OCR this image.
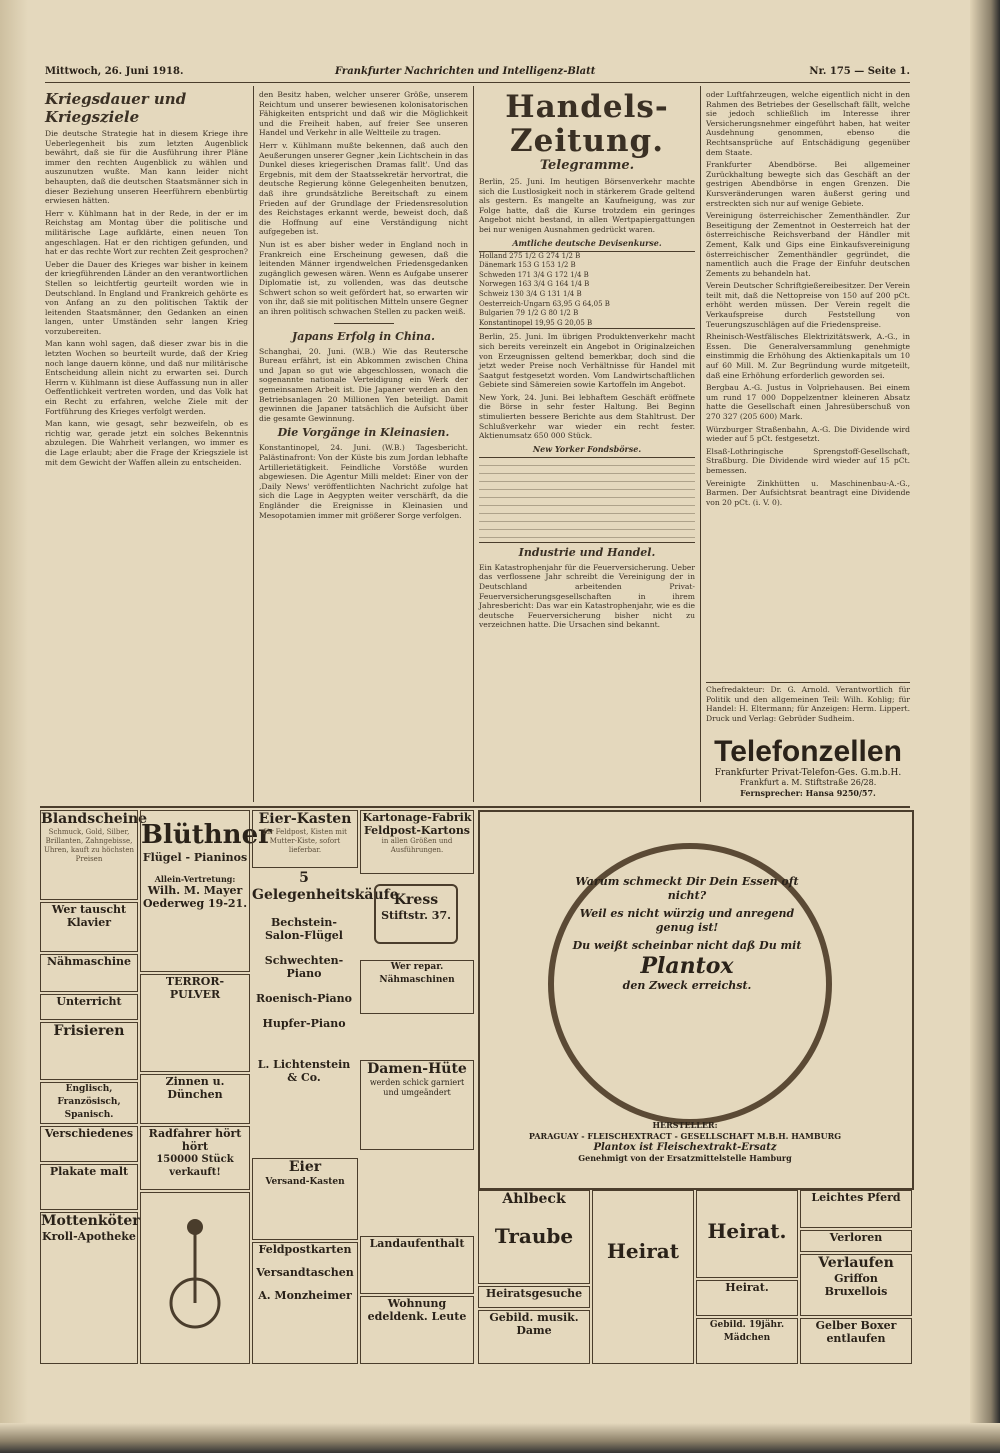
Mittwoch, 26. Juni 1918.	Frankfurter Nachrichten und Intelligenz-Blatt	Nr. 175 — Seite 1.
Kriegsdauer und Kriegsziele

Die deutsche Strategie hat in diesem Kriege ihre Ueberlegenheit bis zum letzten Augenblick bewährt, daß sie für die Ausführung ihrer Pläne immer den rechten Augenblick zu wählen und auszunutzen wußte. Man kann leider nicht behaupten, daß die deutschen Staatsmänner sich in dieser Beziehung unseren Heerführern ebenbürtig erwiesen hätten.

Herr v. Kühlmann hat in der Rede, in der er im Reichstag am Montag über die politische und militärische Lage aufklärte, einen neuen Ton angeschlagen. Hat er den richtigen gefunden, und hat er das rechte Wort zur rechten Zeit gesprochen?

Ueber die Dauer des Krieges war bisher in keinem der kriegführenden Länder an den verantwortlichen Stellen so leichtfertig geurteilt worden wie in Deutschland. In England und Frankreich gehörte es von Anfang an zu den politischen Taktik der leitenden Staatsmänner, den Gedanken an einen langen, unter Umständen sehr langen Krieg vorzubereiten.

Man kann wohl sagen, daß dieser zwar bis in die letzten Wochen so beurteilt wurde, daß der Krieg noch lange dauern könne, und daß nur militärische Entscheidung allein nicht zu erwarten sei. Durch Herrn v. Kühlmann ist diese Auffassung nun in aller Oeffentlichkeit vertreten worden, und das Volk hat ein Recht zu erfahren, welche Ziele mit der Fortführung des Krieges verfolgt werden.

Man kann, wie gesagt, sehr bezweifeln, ob es richtig war, gerade jetzt ein solches Bekenntnis abzulegen. Die Wahrheit verlangen, wo immer es die Lage erlaubt; aber die Frage der Kriegsziele ist mit dem Gewicht der Waffen allein zu entscheiden.

den Besitz haben, welcher unserer Größe, unserem Reichtum und unserer bewiesenen kolonisatorischen Fähigkeiten entspricht und daß wir die Möglichkeit und die Freiheit haben, auf freier See unseren Handel und Verkehr in alle Weltteile zu tragen.

Herr v. Kühlmann mußte bekennen, daß auch den Aeußerungen unserer Gegner ‚kein Lichtschein in das Dunkel dieses kriegerischen Dramas fallt'. Und das Ergebnis, mit dem der Staatssekretär hervortrat, die deutsche Regierung könne Gelegenheiten benutzen, daß ihre grundsätzliche Bereitschaft zu einem Frieden auf der Grundlage der Friedensresolution des Reichstages erkannt werde, beweist doch, daß die Hoffnung auf eine Verständigung nicht aufgegeben ist.

Nun ist es aber bisher weder in England noch in Frankreich eine Erscheinung gewesen, daß die leitenden Männer irgendwelchen Friedensgedanken zugänglich gewesen wären. Wenn es Aufgabe unserer Diplomatie ist, zu vollenden, was das deutsche Schwert schon so weit gefördert hat, so erwarten wir von ihr, daß sie mit politischen Mitteln unsere Gegner an ihren politisch schwachen Stellen zu packen weiß.

Japans Erfolg in China.

Schanghai, 20. Juni. (W.B.) Wie das Reutersche Bureau erfährt, ist ein Abkommen zwischen China und Japan so gut wie abgeschlossen, wonach die sogenannte nationale Verteidigung ein Werk der gemeinsamen Arbeit ist. Die Japaner werden an den Betriebsanlagen 20 Millionen Yen beteiligt. Damit gewinnen die Japaner tatsächlich die Aufsicht über die gesamte Gewinnung.

Die Vorgänge in Kleinasien.

Konstantinopel, 24. Juni. (W.B.) Tagesbericht. Palästinafront: Von der Küste bis zum Jordan lebhafte Artillerietätigkeit. Feindliche Vorstöße wurden abgewiesen. Die Agentur Milli meldet: Einer von der ‚Daily News' veröffentlichten Nachricht zufolge hat sich die Lage in Aegypten weiter verschärft, da die Engländer die Ereignisse in Kleinasien und Mesopotamien immer mit größerer Sorge verfolgen.

Handels-Zeitung.
Telegramme.

Berlin, 25. Juni. Im heutigen Börsenverkehr machte sich die Lustlosigkeit noch in stärkerem Grade geltend als gestern. Es mangelte an Kaufneigung, was zur Folge hatte, daß die Kurse trotzdem ein geringes Angebot nicht bestand, in allen Wertpapiergattungen bei nur wenigen Ausnahmen gedrückt waren.

Amtliche deutsche Devisenkurse.
Holland 275 1/2 G 274 1/2 B
Dänemark 153 G 153 1/2 B
Schweden 171 3/4 G 172 1/4 B
Norwegen 163 3/4 G 164 1/4 B
Schweiz 130 3/4 G 131 1/4 B
Oesterreich-Ungarn 63,95 G 64,05 B
Bulgarien 79 1/2 G 80 1/2 B
Konstantinopel 19,95 G 20,05 B

Berlin, 25. Juni. Im übrigen Produktenverkehr macht sich bereits vereinzelt ein Angebot in Originalzeichen von Erzeugnissen geltend bemerkbar, doch sind die jetzt weder Preise noch Verhältnisse für Handel mit Saatgut festgesetzt worden. Vom Landwirtschaftlichen Gebiete sind Sämereien sowie Kartoffeln im Angebot.

New York, 24. Juni. Bei lebhaftem Geschäft eröffnete die Börse in sehr fester Haltung. Bei Beginn stimulierten bessere Berichte aus dem Stahltrust. Der Schlußverkehr war wieder ein recht fester. Aktienumsatz 650 000 Stück.

New Yorker Fondsbörse.
Industrie und Handel.

Ein Katastrophenjahr für die Feuerversicherung. Ueber das verflossene Jahr schreibt die Vereinigung der in Deutschland arbeitenden Privat-Feuerversicherungsgesellschaften in ihrem Jahresbericht: Das war ein Katastrophenjahr, wie es die deutsche Feuerversicherung bisher nicht zu verzeichnen hatte. Die Ursachen sind bekannt.

oder Luftfahrzeugen, welche eigentlich nicht in den Rahmen des Betriebes der Gesellschaft fällt, welche sie jedoch schließlich im Interesse ihrer Versicherungsnehmer eingeführt haben, hat weiter Ausdehnung genommen, ebenso die Rechtsansprüche auf Entschädigung gegenüber dem Staate.

Frankfurter Abendbörse. Bei allgemeiner Zurückhaltung bewegte sich das Geschäft an der gestrigen Abendbörse in engen Grenzen. Die Kursveränderungen waren äußerst gering und erstreckten sich nur auf wenige Gebiete.

Vereinigung österreichischer Zementhändler. Zur Beseitigung der Zementnot in Oesterreich hat der österreichische Reichsverband der Händler mit Zement, Kalk und Gips eine Einkaufsvereinigung österreichischer Zementhändler gegründet, die namentlich auch die Frage der Einfuhr deutschen Zements zu behandeln hat.

Verein Deutscher Schriftgießereibesitzer. Der Verein teilt mit, daß die Nettopreise von 150 auf 200 pCt. erhöht werden müssen. Der Verein regelt die Verkaufspreise durch Feststellung von Teuerungszuschlägen auf die Friedenspreise.

Rheinisch-Westfälisches Elektrizitätswerk, A.-G., in Essen. Die Generalversammlung genehmigte einstimmig die Erhöhung des Aktienkapitals um 10 auf 60 Mill. M. Zur Begründung wurde mitgeteilt, daß eine Erhöhung erforderlich geworden sei.

Bergbau A.-G. Justus in Volpriehausen. Bei einem um rund 17 000 Doppelzentner kleineren Absatz hatte die Gesellschaft einen Jahresüberschuß von 270 327 (205 600) Mark.

Würzburger Straßenbahn, A.-G. Die Dividende wird wieder auf 5 pCt. festgesetzt.

Elsaß-Lothringische Sprengstoff-Gesellschaft, Straßburg. Die Dividende wird wieder auf 15 pCt. bemessen.

Vereinigte Zinkhütten u. Maschinenbau-A.-G., Barmen. Der Aufsichtsrat beantragt eine Dividende von 20 pCt. (i. V. 0).

Chefredakteur: Dr. G. Arnold. Verantwortlich für Politik und den allgemeinen Teil: Wilh. Kohlig; für Handel: H. Eltermann; für Anzeigen: Herm. Lippert. Druck und Verlag: Gebrüder Sudheim.
Telefonzellen
Frankfurter Privat-Telefon-Ges. G.m.b.H.
Frankfurt a. M. Stiftstraße 26/28.
Fernsprecher: Hansa 9250/57.
Blandscheine
Schmuck, Gold, Silber, Brillanten, Zahngebisse, Uhren, kauft zu höchsten Preisen
Wer tauscht Klavier
Nähmaschine
Unterricht
Frisieren
Englisch, Französisch, Spanisch.
Verschiedenes
Plakate malt
Mottenköter
Kroll-Apotheke
Blüthner
Flügel - Pianinos
Allein-Vertretung:
Wilh. M. Mayer
Oederweg 19-21.
TERROR-PULVER
Zinnen u. Dünchen
Radfahrer hört hört
150000 Stück verkauft!
Eier-Kasten
für Feldpost, Kisten mit Mutter-Kiste, sofort lieferbar.
5 Gelegenheitskäufe
Bechstein-Salon-Flügel
Schwechten-Piano
Roenisch-Piano
Hupfer-Piano
L. Lichtenstein & Co.
Eier
Versand-Kasten
Feldpostkarten
Versandtaschen
A. Monzheimer
Kartonage-Fabrik
Feldpost-Kartons
in allen Größen und Ausführungen.
Kress
Stiftstr. 37.
Wer repar. Nähmaschinen
Damen-Hüte
werden schick garniert und umgeändert
Landaufenthalt
Wohnung edeldenk. Leute
Warum schmeckt Dir Dein Essen oft nicht?
Weil es nicht würzig und anregend genug ist!
Du weißt scheinbar nicht daß Du mit
Plantox
den Zweck erreichst.
HERSTELLER:
PARAGUAY - FLEISCHEXTRACT - GESELLSCHAFT M.B.H. HAMBURG
Plantox ist Fleischextrakt-Ersatz
Genehmigt von der Ersatzmittelstelle Hamburg
Ahlbeck
Traube
Heiratsgesuche
Gebild. musik. Dame
Heirat
Heirat.
Heirat.
Gebild. 19jähr. Mädchen
Leichtes Pferd
Verloren
Verlaufen
Griffon Bruxellois
Gelber Boxer
entlaufen
